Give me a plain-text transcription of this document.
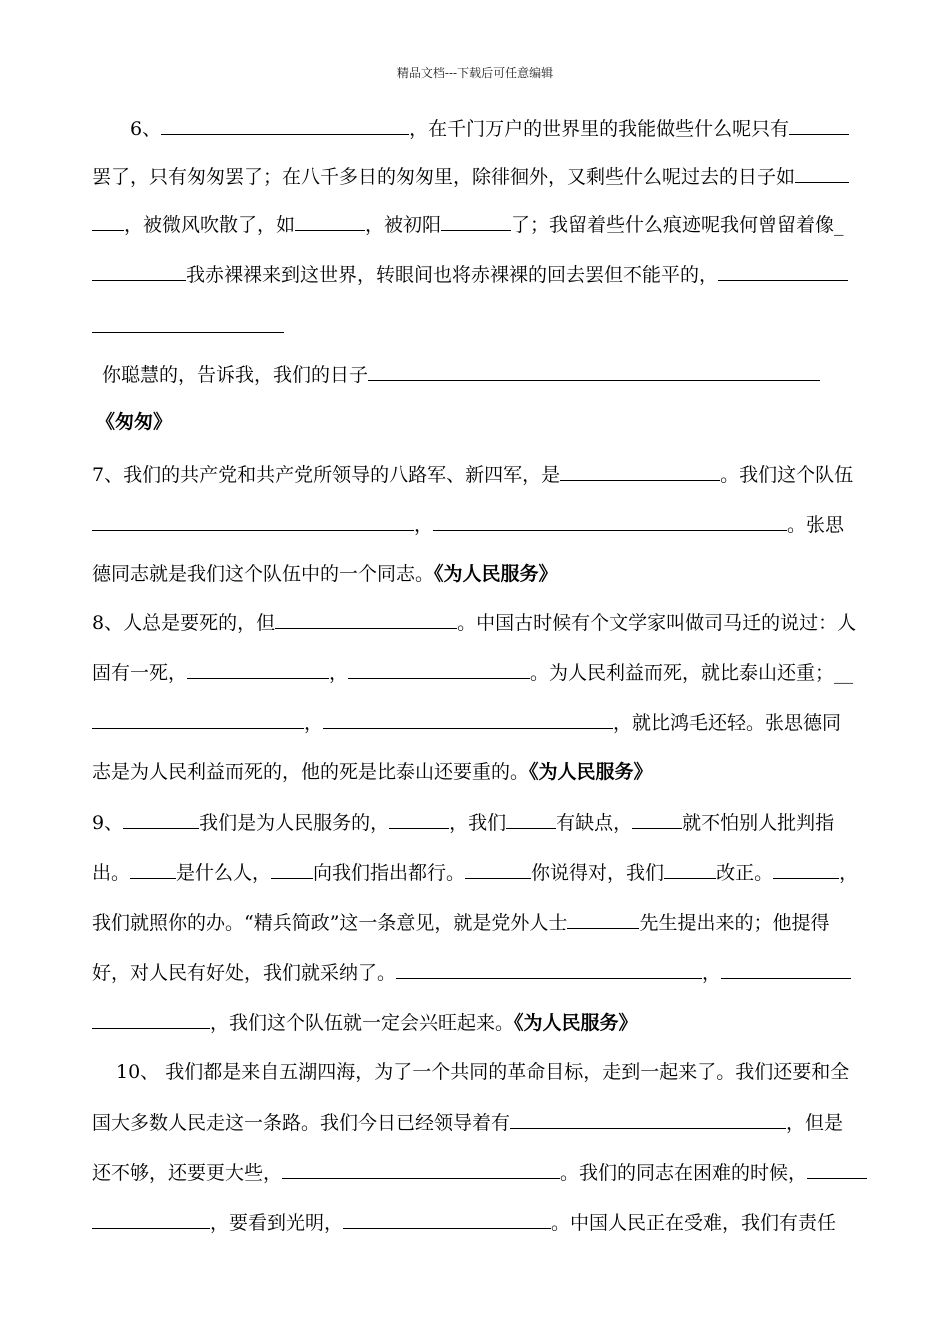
精品文档---下载后可任意编辑
6、	，在千门万户的世界里的我能做些什么呢只有
罢了，只有匆匆罢了；在八千多日的匆匆里，除徘徊外，又剩些什么呢过去的日子如
，被微风吹散了，如	，被初阳	了；我留着些什么痕迹呢我何曾留着像_
我赤裸裸来到这世界，转眼间也将赤裸裸的回去罢但不能平的，
你聪慧的，告诉我，我们的日子
《匆匆》
7、我们的共产党和共产党所领导的八路军、新四军，是	。我们这个队伍
，	。张思
德同志就是我们这个队伍中的一个同志。《为人民服务》
8、人总是要死的，但	。中国古时候有个文学家叫做司马迁的说过：人
固有一死，	，	。为人民利益而死，就比泰山还重；__
，	，就比鸿毛还轻。张思德同
志是为人民利益而死的，他的死是比泰山还要重的。《为人民服务》
9、	我们是为人民服务的，	，我们	有缺点，	就不怕别人批判指
出。 是什么人， 向我们指出都行。	你说得对，我们	改正。	，
我们就照你的办。“精兵简政”这一条意见，就是党外人士	先生提出来的；他提得
好，对人民有好处，我们就采纳了。	，
，我们这个队伍就一定会兴旺起来。《为人民服务》
10、 我们都是来自五湖四海，为了一个共同的革命目标，走到一起来了。我们还要和全
国大多数人民走这一条路。我们今日已经领导着有	，但是
还不够，还要更大些，	。我们的同志在困难的时候，
，要看到光明，	。中国人民正在受难，我们有责任
